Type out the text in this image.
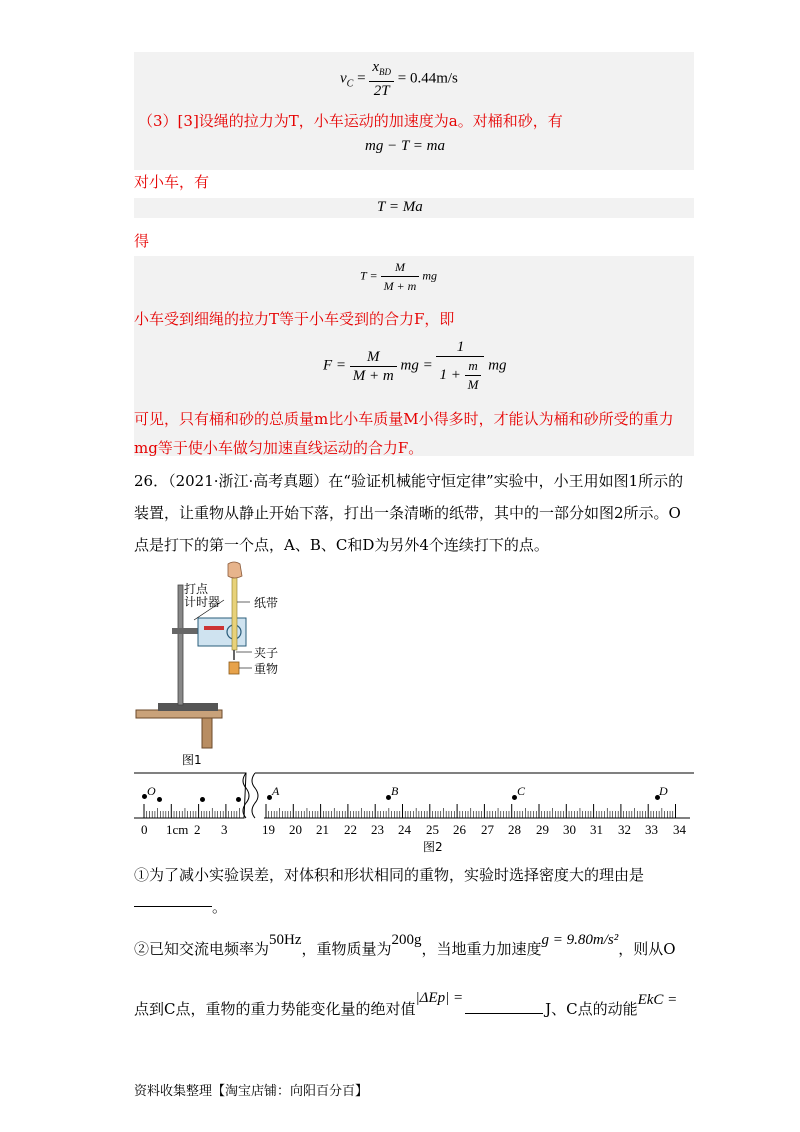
$v_C = \frac{x_{BD}}{2T} = 0.44m/s$
（3）[3]设绳的拉力为T，小车运动的加速度为a。对桶和砂，有
mg − T = ma
对小车，有
T = Ma
得
$T = \frac{M}{M + m}$ mg
小车受到细绳的拉力T等于小车受到的合力F，即
$F = \frac{M}{M + m}$ mg = $\frac{1}{1 + \frac{m}{M}}$ mg
可见，只有桶和砂的总质量m比小车质量M小得多时，才能认为桶和砂所受的重力
mg等于使小车做匀加速直线运动的合力F。
26．（2021·浙江·高考真题）在“验证机械能守恒定律”实验中，小王用如图1所示的
装置，让重物从静止开始下落，打出一条清晰的纸带，其中的一部分如图2所示。O
点是打下的第一个点，A、B、C和D为另外4个连续打下的点。
打点
计时器	纸带
夹子
重物
图1
O	A	B	C	D
0 1cm 2 3	19 20 21 22 23 24 25 26 27 28 29 30 31 32 33 34
图2
①为了减小实验误差，对体积和形状相同的重物，实验时选择密度大的理由是
。
②已知交流电频率为50Hz，重物质量为200g，当地重力加速度g = 9.80m/s²，则从O
点到C点，重物的重力势能变化量的绝对值|ΔEp| =J、C点的动能EkC =
资料收集整理【淘宝店铺：向阳百分百】
